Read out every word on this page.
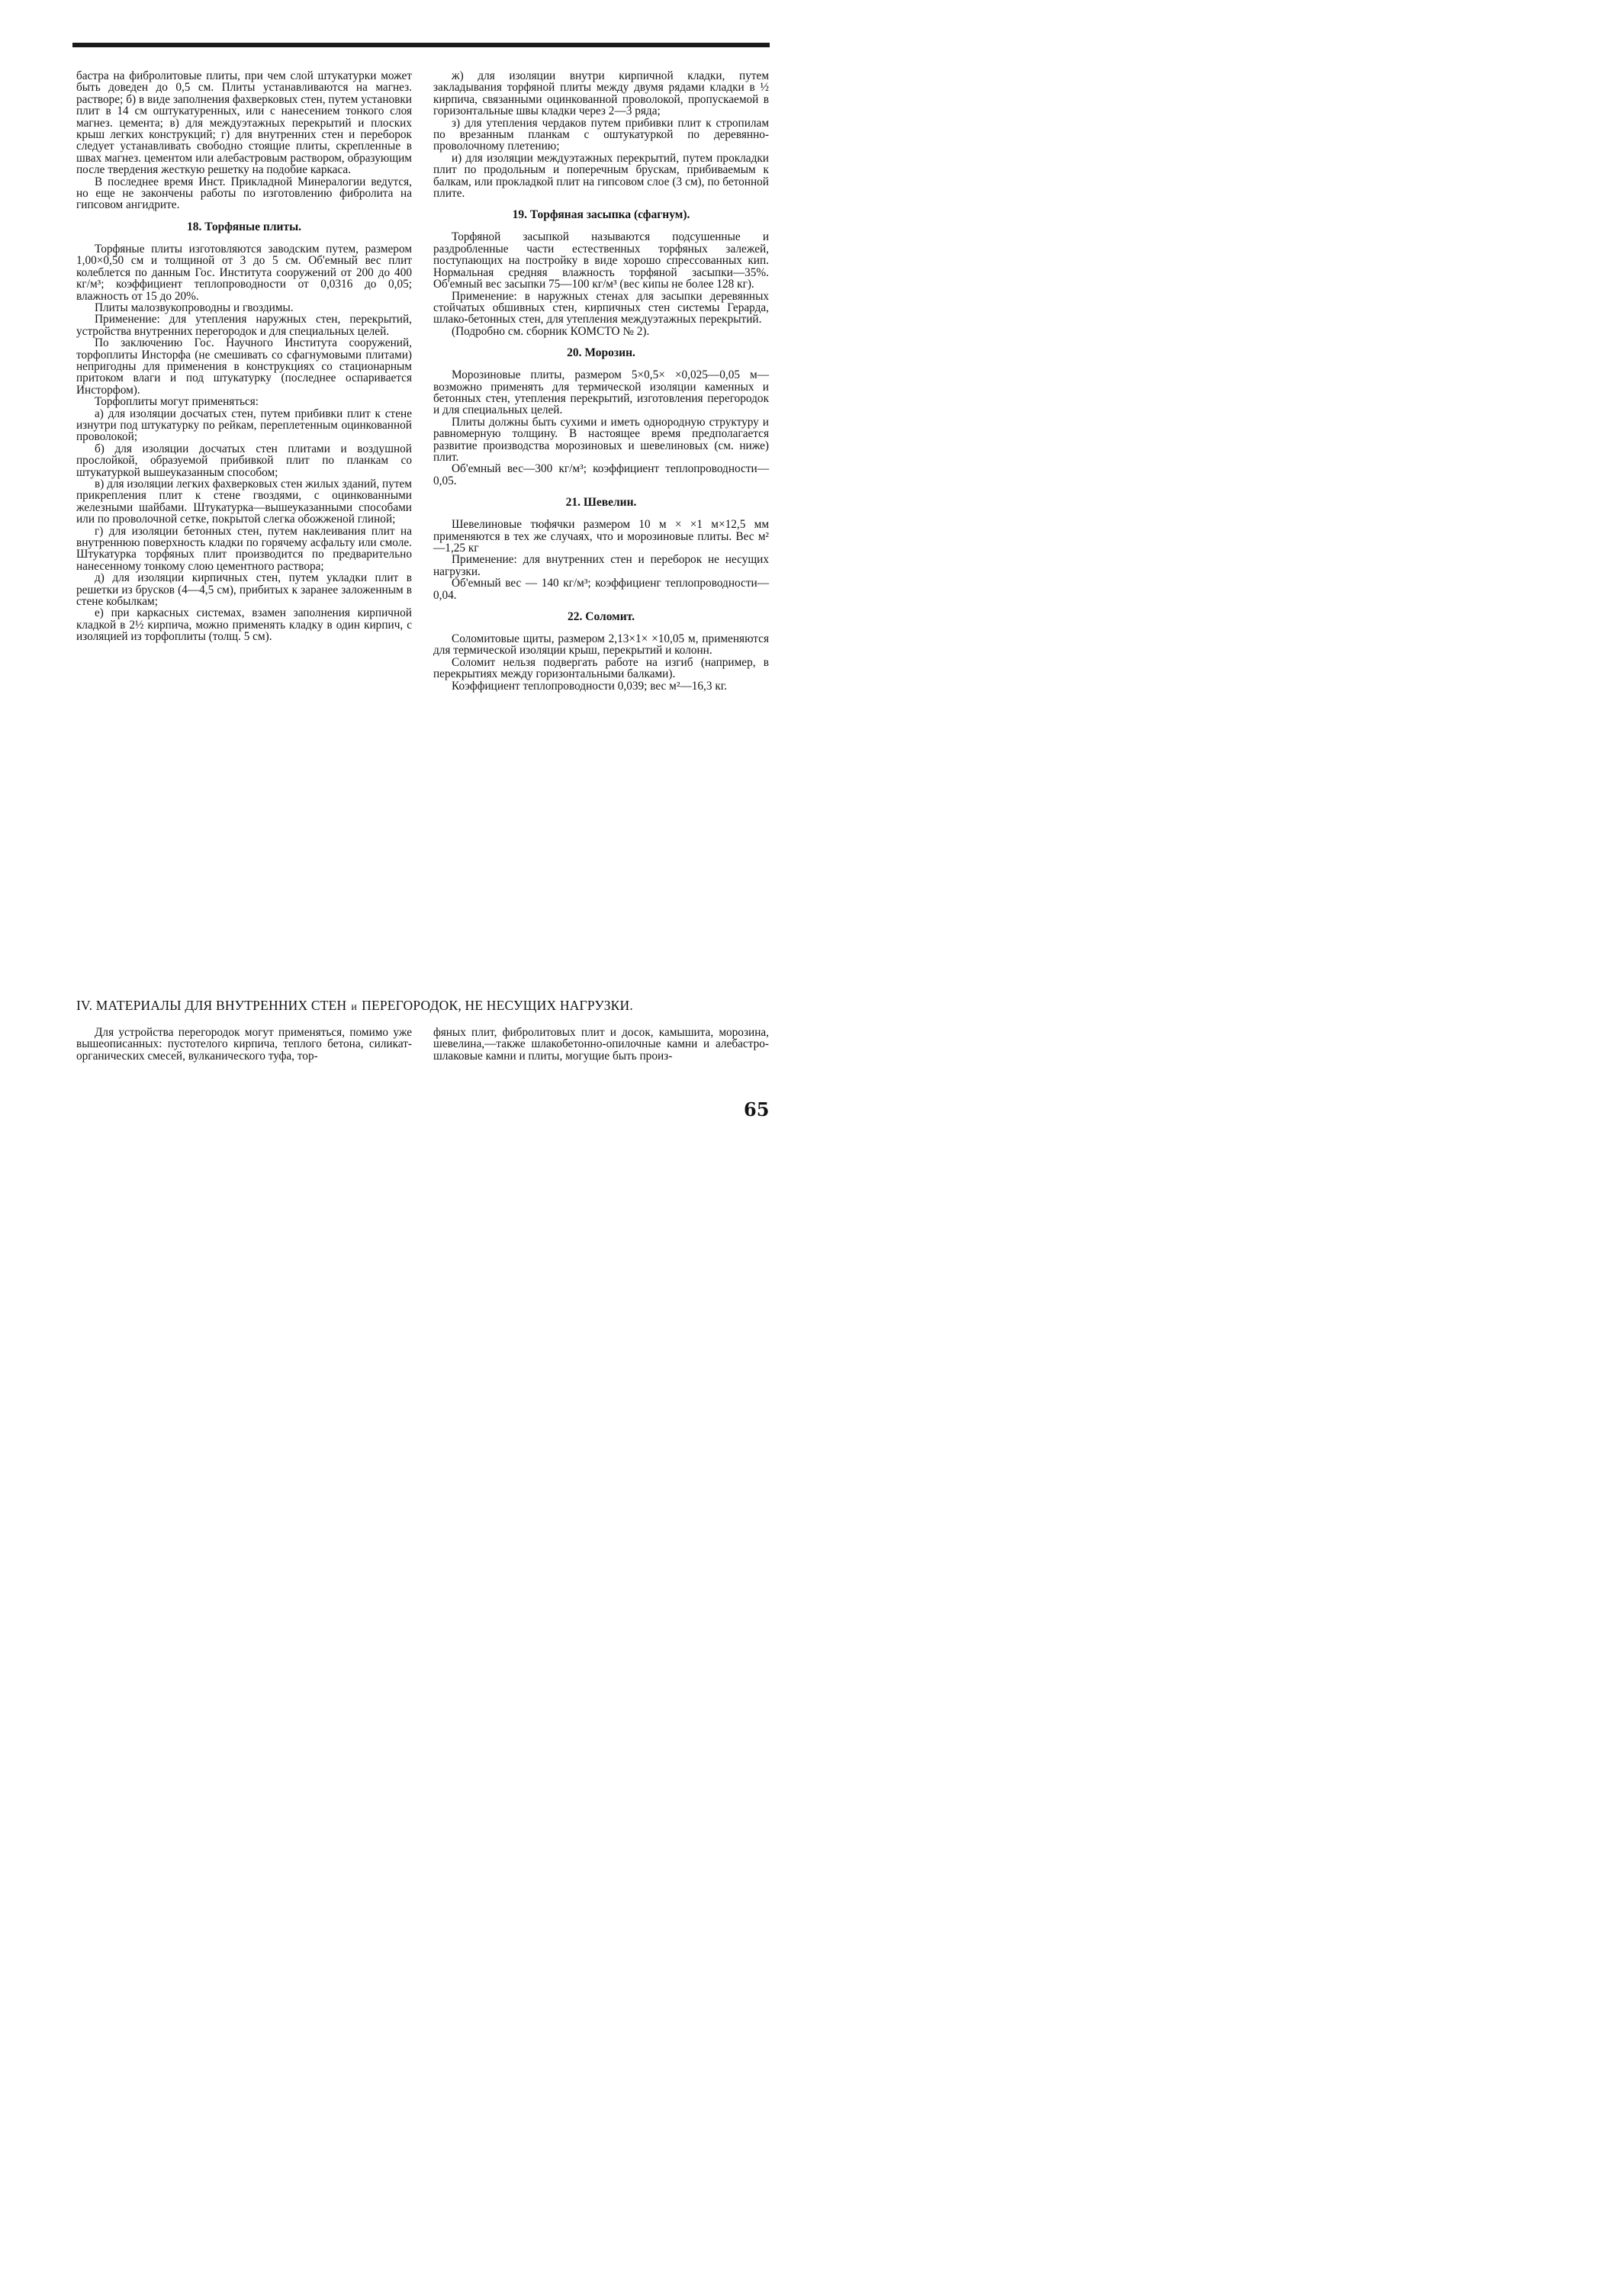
бастра на фибролитовые плиты, при чем слой штукатурки может быть доведен до 0,5 см. Плиты устанавливаются на магнез. растворе; б) в виде заполнения фахверковых стен, путем установки плит в 14 см оштукатуренных, или с нанесением тонкого слоя магнез. цемента; в) для междуэтажных перекрытий и плоских крыш легких конструкций; г) для внутренних стен и переборок следует устанавливать свободно стоящие плиты, скрепленные в швах магнез. цементом или алебастровым раствором, образующим после твердения жесткую решетку на подобие каркаса.

В последнее время Инст. Прикладной Минералогии ведутся, но еще не закончены работы по изготовлению фибролита на гипсовом ангидрите.

18. Торфяные плиты.

Торфяные плиты изготовляются заводским путем, размером 1,00×0,50 см и толщиной от 3 до 5 см. Об'емный вес плит колеблется по данным Гос. Института сооружений от 200 до 400 кг/м³; коэффициент теплопроводности от 0,0316 до 0,05; влажность от 15 до 20%.

Плиты малозвукопроводны и гвоздимы.

Применение: для утепления наружных стен, перекрытий, устройства внутренних перегородок и для специальных целей.

По заключению Гос. Научного Института сооружений, торфоплиты Инсторфа (не смешивать со сфагнумовыми плитами) непригодны для применения в конструкциях со стационарным притоком влаги и под штукатурку (последнее оспаривается Инсторфом).

Торфоплиты могут применяться:

а) для изоляции досчатых стен, путем прибивки плит к стене изнутри под штукатурку по рейкам, переплетенным оцинкованной проволокой;

б) для изоляции досчатых стен плитами и воздушной прослойкой, образуемой прибивкой плит по планкам со штукатуркой вышеуказанным способом;

в) для изоляции легких фахверковых стен жилых зданий, путем прикрепления плит к стене гвоздями, с оцинкованными железными шайбами. Штукатурка—вышеуказанными способами или по проволочной сетке, покрытой слегка обожженой глиной;

г) для изоляции бетонных стен, путем наклеивания плит на внутреннюю поверхность кладки по горячему асфальту или смоле. Штукатурка торфяных плит производится по предварительно нанесенному тонкому слою цементного раствора;

д) для изоляции кирпичных стен, путем укладки плит в решетки из брусков (4—4,5 см), прибитых к заранее заложенным в стене кобылкам;

е) при каркасных системах, взамен заполнения кирпичной кладкой в 2½ кирпича, можно применять кладку в один кирпич, с изоляцией из торфоплиты (толщ. 5 см).

ж) для изоляции внутри кирпичной кладки, путем закладывания торфяной плиты между двумя рядами кладки в ½ кирпича, связанными оцинкованной проволокой, пропускаемой в горизонтальные швы кладки через 2—3 ряда;

з) для утепления чердаков путем прибивки плит к стропилам по врезанным планкам с оштукатуркой по деревянно-проволочному плетению;

и) для изоляции междуэтажных перекрытий, путем прокладки плит по продольным и поперечным брускам, прибиваемым к балкам, или прокладкой плит на гипсовом слое (3 см), по бетонной плите.

19. Торфяная засыпка (сфагнум).

Торфяной засыпкой называются подсушенные и раздробленные части естественных торфяных залежей, поступающих на постройку в виде хорошо спрессованных кип. Нормальная средняя влажность торфяной засыпки—35%. Об'емный вес засыпки 75—100 кг/м³ (вес кипы не более 128 кг).

Применение: в наружных стенах для засыпки деревянных стойчатых обшивных стен, кирпичных стен системы Герарда, шлако-бетонных стен, для утепления междуэтажных перекрытий.

(Подробно см. сборник КОМСТО № 2).

20. Морозин.

Морозиновые плиты, размером 5×0,5× ×0,025—0,05 м—возможно применять для термической изоляции каменных и бетонных стен, утепления перекрытий, изготовления перегородок и для специальных целей.

Плиты должны быть сухими и иметь однородную структуру и равномерную толщину. В настоящее время предполагается развитие производства морозиновых и шевелиновых (см. ниже) плит.

Об'емный вес—300 кг/м³; коэффициент теплопроводности—0,05.

21. Шевелин.

Шевелиновые тюфячки размером 10 м × ×1 м×12,5 мм применяются в тех же случаях, что и морозиновые плиты. Вес м²—1,25 кг

Применение: для внутренних стен и переборок не несущих нагрузки.

Об'емный вес — 140 кг/м³; коэффициенг теплопроводности—0,04.

22. Соломит.

Соломитовые щиты, размером 2,13×1× ×10,05 м, применяются для термической изоляции крыш, перекрытий и колонн.

Соломит нельзя подвергать работе на изгиб (например, в перекрытиях между горизонтальными балками).

Коэффициент теплопроводности 0,039; вес м²—16,3 кг.

IV. МАТЕРИАЛЫ ДЛЯ ВНУТРЕННИХ СТЕН и ПЕРЕГОРОДОК, НЕ НЕСУЩИХ НАГРУЗКИ.

Для устройства перегородок могут применяться, помимо уже вышеописанных: пустотелого кирпича, теплого бетона, силикат-органических смесей, вулканического туфа, тор-

фяных плит, фибролитовых плит и досок, камышита, морозина, шевелина,—также шлакобетонно-опилочные камни и алебастро-шлаковые камни и плиты, могущие быть произ-

65
